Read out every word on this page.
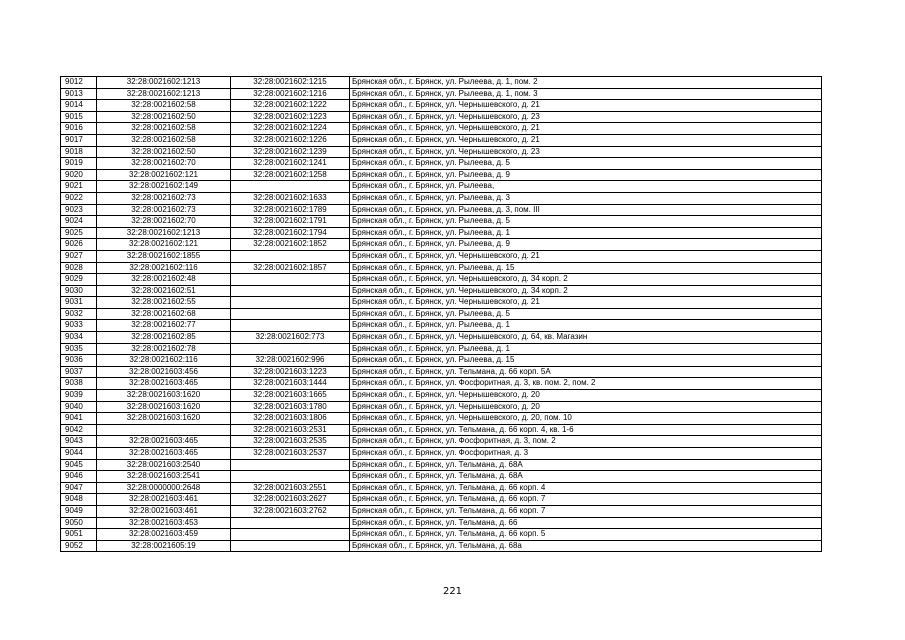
9012	32:28:0021602:1213	32:28:0021602:1215	Брянская обл., г. Брянск, ул. Рылеева, д. 1, пом. 2
9013	32:28:0021602:1213	32:28:0021602:1216	Брянская обл., г. Брянск, ул. Рылеева, д. 1, пом. 3
9014	32:28:0021602:58	32:28:0021602:1222	Брянская обл., г. Брянск, ул. Чернышевского, д. 21
9015	32:28:0021602:50	32:28:0021602:1223	Брянская обл., г. Брянск, ул. Чернышевского, д. 23
9016	32:28:0021602:58	32:28:0021602:1224	Брянская обл., г. Брянск, ул. Чернышевского, д. 21
9017	32:28:0021602:58	32:28:0021602:1226	Брянская обл., г. Брянск, ул. Чернышевского, д. 21
9018	32:28:0021602:50	32:28:0021602:1239	Брянская обл., г. Брянск, ул. Чернышевского, д. 23
9019	32:28:0021602:70	32:28:0021602:1241	Брянская обл., г. Брянск, ул. Рылеева, д. 5
9020	32:28:0021602:121	32:28:0021602:1258	Брянская обл., г. Брянск, ул. Рылеева, д. 9
9021	32:28:0021602:149		Брянская обл., г. Брянск, ул. Рылеева,
9022	32:28:0021602:73	32:28:0021602:1633	Брянская обл., г. Брянск, ул. Рылеева, д. 3
9023	32:28:0021602:73	32:28:0021602:1789	Брянская обл., г. Брянск, ул. Рылеева, д. 3, пом. III
9024	32:28:0021602:70	32:28:0021602:1791	Брянская обл., г. Брянск, ул. Рылеева, д. 5
9025	32:28:0021602:1213	32:28:0021602:1794	Брянская обл., г. Брянск, ул. Рылеева, д. 1
9026	32:28:0021602:121	32:28:0021602:1852	Брянская обл., г. Брянск, ул. Рылеева, д. 9
9027	32:28:0021602:1855		Брянская обл., г. Брянск, ул. Чернышевского, д. 21
9028	32:28:0021602:116	32:28:0021602:1857	Брянская обл., г. Брянск, ул. Рылеева, д. 15
9029	32:28:0021602:48		Брянская обл., г. Брянск, ул. Чернышевского, д. 34 корп. 2
9030	32:28:0021602:51		Брянская обл., г. Брянск, ул. Чернышевского, д. 34 корп. 2
9031	32:28:0021602:55		Брянская обл., г. Брянск, ул. Чернышевского, д. 21
9032	32:28:0021602:68		Брянская обл., г. Брянск, ул. Рылеева, д. 5
9033	32:28:0021602:77		Брянская обл., г. Брянск, ул. Рылеева, д. 1
9034	32:28:0021602:85	32:28:0021602:773	Брянская обл., г. Брянск, ул. Чернышевского, д. 64, кв. Магазин
9035	32:28:0021602:78		Брянская обл., г. Брянск, ул. Рылеева, д. 1
9036	32:28:0021602:116	32:28:0021602:996	Брянская обл., г. Брянск, ул. Рылеева, д. 15
9037	32:28:0021603:456	32:28:0021603:1223	Брянская обл., г. Брянск, ул. Тельмана, д. 66 корп. 5А
9038	32:28:0021603:465	32:28:0021603:1444	Брянская обл., г. Брянск, ул. Фосфоритная, д. 3, кв. пом. 2, пом. 2
9039	32:28:0021603:1620	32:28:0021603:1665	Брянская обл., г. Брянск, ул. Чернышевского, д. 20
9040	32:28:0021603:1620	32:28:0021603:1780	Брянская обл., г. Брянск, ул. Чернышевского, д. 20
9041	32:28:0021603:1620	32:28:0021603:1806	Брянская обл., г. Брянск, ул. Чернышевского, д. 20, пом. 10
9042		32:28:0021603:2531	Брянская обл., г. Брянск, ул. Тельмана, д. 66 корп. 4, кв. 1-6
9043	32:28:0021603:465	32:28:0021603:2535	Брянская обл., г. Брянск, ул. Фосфоритная, д. 3, пом. 2
9044	32:28:0021603:465	32:28:0021603:2537	Брянская обл., г. Брянск, ул. Фосфоритная, д. 3
9045	32:28:0021603:2540		Брянская обл., г. Брянск, ул. Тельмана, д. 68А
9046	32:28:0021603:2541		Брянская обл., г. Брянск, ул. Тельмана, д. 68А
9047	32:28:0000000:2648	32:28:0021603:2551	Брянская обл., г. Брянск, ул. Тельмана, д. 66 корп. 4
9048	32:28:0021603:461	32:28:0021603:2627	Брянская обл., г. Брянск, ул. Тельмана, д. 66 корп. 7
9049	32:28:0021603:461	32:28:0021603:2762	Брянская обл., г. Брянск, ул. Тельмана, д. 66 корп. 7
9050	32:28:0021603:453		Брянская обл., г. Брянск, ул. Тельмана, д. 66
9051	32:28:0021603:459		Брянская обл., г. Брянск, ул. Тельмана, д. 66 корп. 5
9052	32:28:0021605:19		Брянская обл., г. Брянск, ул. Тельмана, д. 68а
221
